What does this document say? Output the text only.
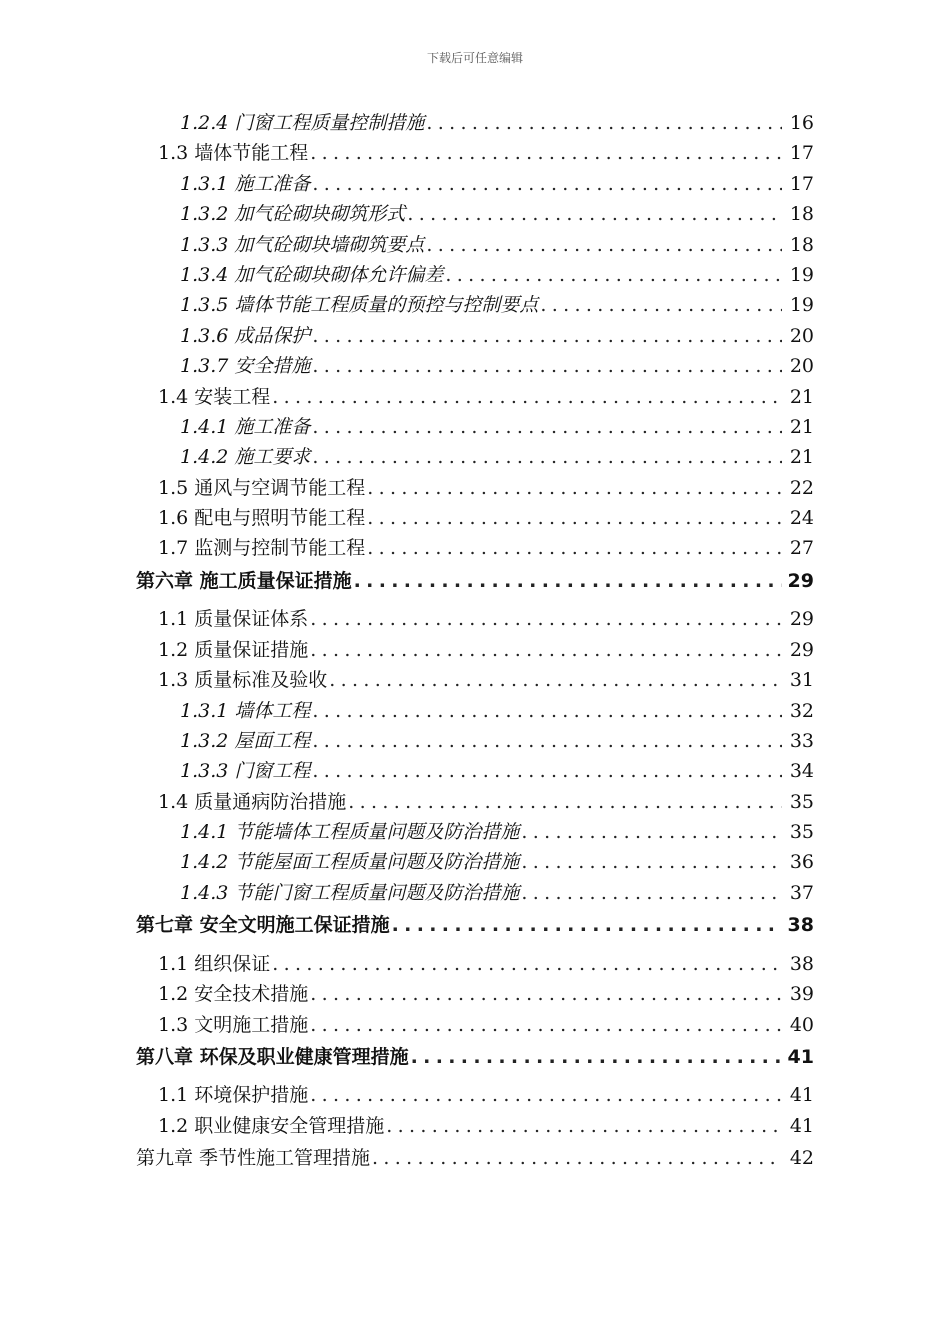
下载后可任意编辑
1.2.4 门窗工程质量控制措施 .....	16
1.3 墙体节能工程 .....	17
1.3.1 施工准备 .....	17
1.3.2 加气砼砌块砌筑形式 .....	18
1.3.3 加气砼砌块墙砌筑要点 .....	18
1.3.4 加气砼砌块砌体允许偏差 .....	19
1.3.5 墙体节能工程质量的预控与控制要点 .....	19
1.3.6 成品保护 .....	20
1.3.7 安全措施 .....	20
1.4 安装工程 .....	21
1.4.1 施工准备 .....	21
1.4.2 施工要求 .....	21
1.5 通风与空调节能工程 .....	22
1.6 配电与照明节能工程 .....	24
1.7 监测与控制节能工程 .....	27
第六章 施工质量保证措施 .....	29
1.1 质量保证体系 .....	29
1.2 质量保证措施 .....	29
1.3 质量标准及验收 .....	31
1.3.1 墙体工程 .....	32
1.3.2 屋面工程 .....	33
1.3.3 门窗工程 .....	34
1.4 质量通病防治措施 .....	35
1.4.1 节能墙体工程质量问题及防治措施 .....	35
1.4.2 节能屋面工程质量问题及防治措施 .....	36
1.4.3 节能门窗工程质量问题及防治措施 .....	37
第七章 安全文明施工保证措施 .....	38
1.1 组织保证 .....	38
1.2 安全技术措施 .....	39
1.3 文明施工措施 .....	40
第八章 环保及职业健康管理措施 .....	41
1.1 环境保护措施 .....	41
1.2 职业健康安全管理措施 .....	41
第九章 季节性施工管理措施 .....	42
